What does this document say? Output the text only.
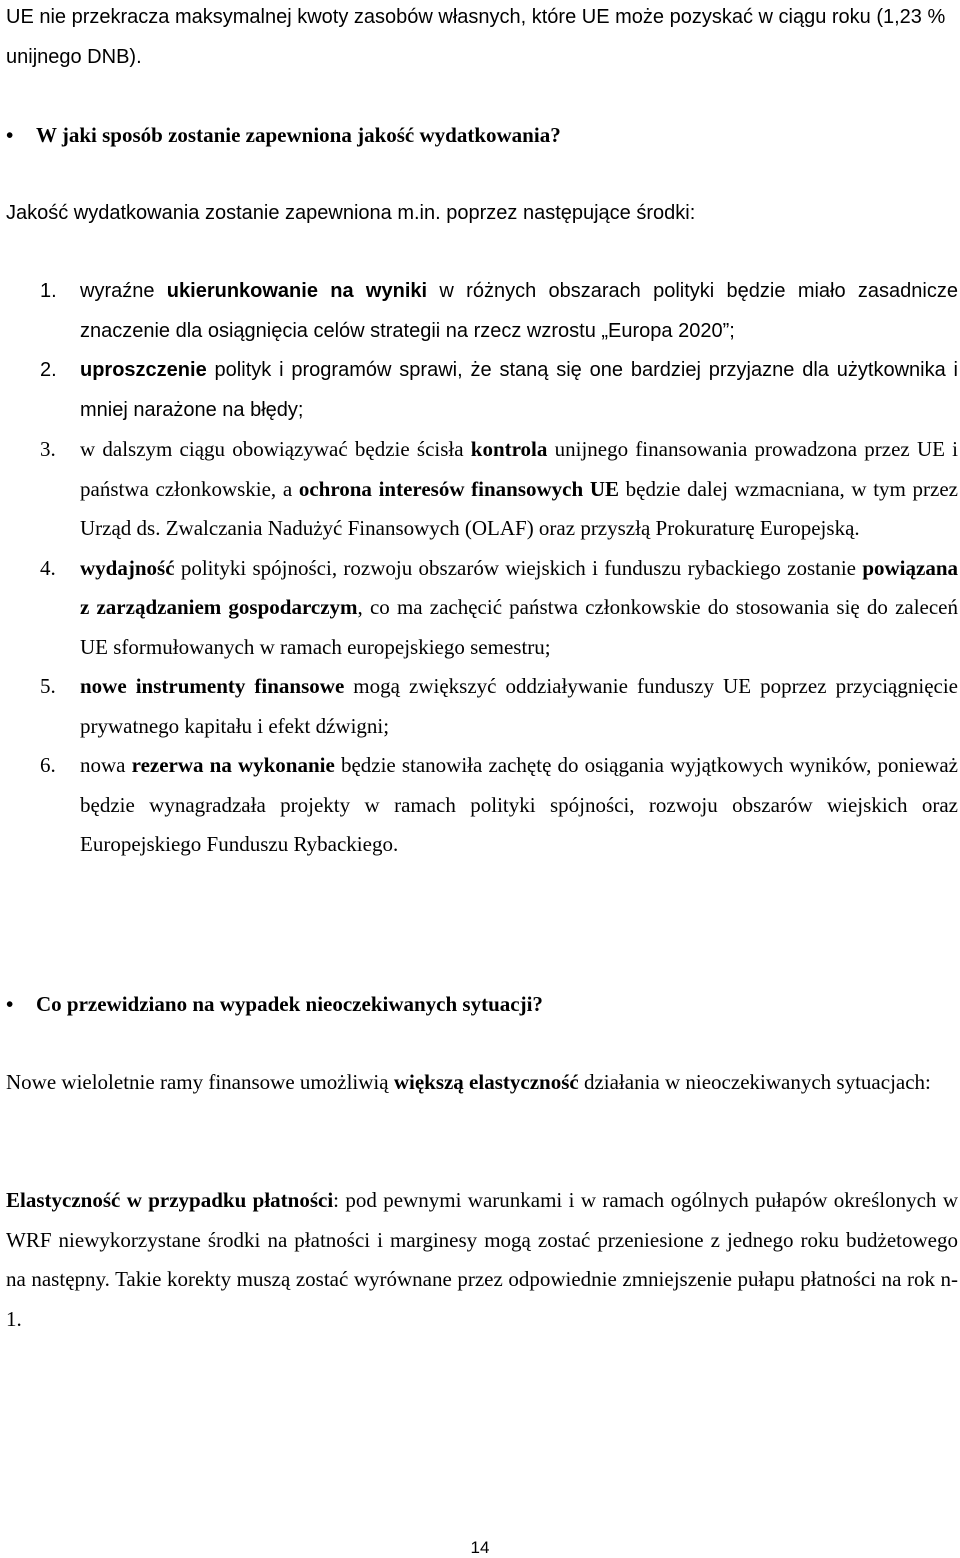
UE nie przekracza maksymalnej kwoty zasobów własnych, które UE może pozyskać w ciągu roku (1,23 % unijnego DNB).

• W jaki sposób zostanie zapewniona jakość wydatkowania?

Jakość wydatkowania zostanie zapewniona m.in. poprzez następujące środki:

1. wyraźne ukierunkowanie na wyniki w różnych obszarach polityki będzie miało zasadnicze znaczenie dla osiągnięcia celów strategii na rzecz wzrostu „Europa 2020”;
2. uproszczenie polityk i programów sprawi, że staną się one bardziej przyjazne dla użytkownika i mniej narażone na błędy;
3. w dalszym ciągu obowiązywać będzie ścisła kontrola unijnego finansowania prowadzona przez UE i państwa członkowskie, a ochrona interesów finansowych UE będzie dalej wzmacniana, w tym przez Urząd ds. Zwalczania Nadużyć Finansowych (OLAF) oraz przyszłą Prokuraturę Europejską.
4. wydajność polityki spójności, rozwoju obszarów wiejskich i funduszu rybackiego zostanie powiązana z zarządzaniem gospodarczym, co ma zachęcić państwa członkowskie do stosowania się do zaleceń UE sformułowanych w ramach europejskiego semestru;
5. nowe instrumenty finansowe mogą zwiększyć oddziaływanie funduszy UE poprzez przyciągnięcie prywatnego kapitału i efekt dźwigni;
6. nowa rezerwa na wykonanie będzie stanowiła zachętę do osiągania wyjątkowych wyników, ponieważ będzie wynagradzała projekty w ramach polityki spójności, rozwoju obszarów wiejskich oraz Europejskiego Funduszu Rybackiego.

• Co przewidziano na wypadek nieoczekiwanych sytuacji?

Nowe wieloletnie ramy finansowe umożliwią większą elastyczność działania w nieoczekiwanych sytuacjach:

Elastyczność w przypadku płatności: pod pewnymi warunkami i w ramach ogólnych pułapów określonych w WRF niewykorzystane środki na płatności i marginesy mogą zostać przeniesione z jednego roku budżetowego na następny. Takie korekty muszą zostać wyrównane przez odpowiednie zmniejszenie pułapu płatności na rok n-1.

14
